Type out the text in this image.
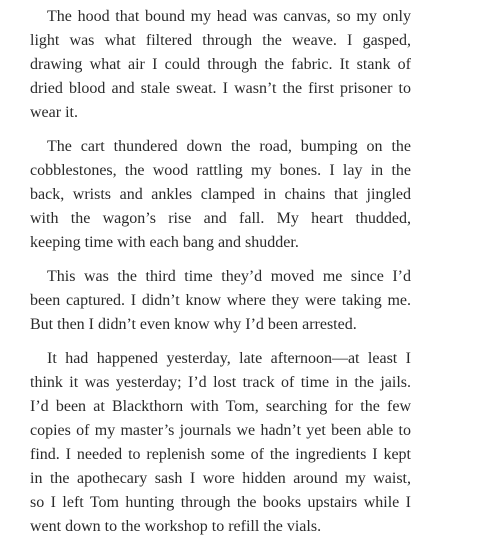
The hood that bound my head was canvas, so my only
light was what filtered through the weave. I gasped,
drawing what air I could through the fabric. It stank of
dried blood and stale sweat. I wasn’t the first prisoner to
wear it.

The cart thundered down the road, bumping on the
cobblestones, the wood rattling my bones. I lay in the
back, wrists and ankles clamped in chains that jingled
with the wagon’s rise and fall. My heart thudded,
keeping time with each bang and shudder.

This was the third time they’d moved me since I’d
been captured. I didn’t know where they were taking me.
But then I didn’t even know why I’d been arrested.

It had happened yesterday, late afternoon—at least I
think it was yesterday; I’d lost track of time in the jails.
I’d been at Blackthorn with Tom, searching for the few
copies of my master’s journals we hadn’t yet been able to
find. I needed to replenish some of the ingredients I kept
in the apothecary sash I wore hidden around my waist,
so I left Tom hunting through the books upstairs while I
went down to the workshop to refill the vials.
